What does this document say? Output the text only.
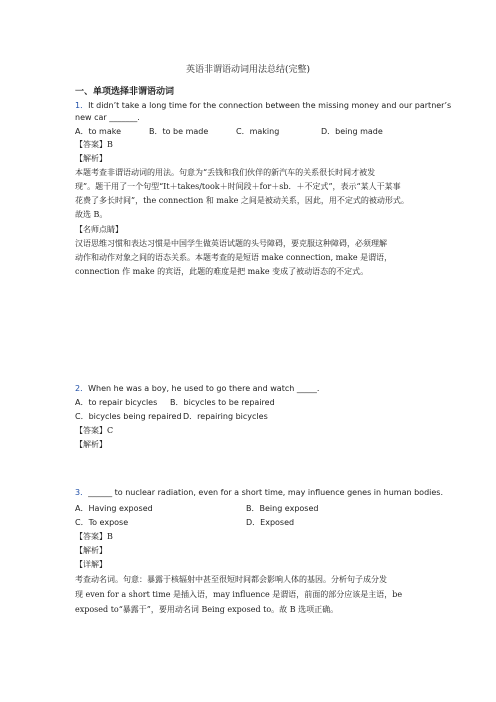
英语非谓语动词用法总结(完整)
一、单项选择非谓语动词
1．It didn’t take a long time for the connection between the missing money and our partner’s
new car _______.
A．to make	B．to be made	C．making	D．being made
【答案】B
【解析】
本题考查非谓语动词的用法。句意为“丢钱和我们伙伴的新汽车的关系很长时间才被发
现”。题干用了一个句型“It＋takes/took＋时间段＋for＋sb．＋不定式”，表示“某人干某事
花费了多长时间”，the connection 和 make 之间是被动关系，因此，用不定式的被动形式。
故选 B。
【名师点睛】
汉语思维习惯和表达习惯是中国学生做英语试题的头号障碍，要克服这种障碍，必须理解
动作和动作对象之间的语态关系。本题考查的是短语 make connection, make 是谓语，
connection 作 make 的宾语，此题的难度是把 make 变成了被动语态的不定式。
2．When he was a boy, he used to go there and watch _____.
A．to repair bicycles B．bicycles to be repaired
C．bicycles being repaired D．repairing bicycles
【答案】C
【解析】
3．______ to nuclear radiation, even for a short time, may influence genes in human bodies.
A．Having exposed	B．Being exposed
C．To expose	D．Exposed
【答案】B
【解析】
【详解】
考查动名词。句意：暴露于核辐射中甚至很短时间都会影响人体的基因。分析句子成分发
现 even for a short time 是插入语，may influence 是谓语，前面的部分应该是主语，be
exposed to“暴露于”，要用动名词 Being exposed to。故 B 选项正确。
